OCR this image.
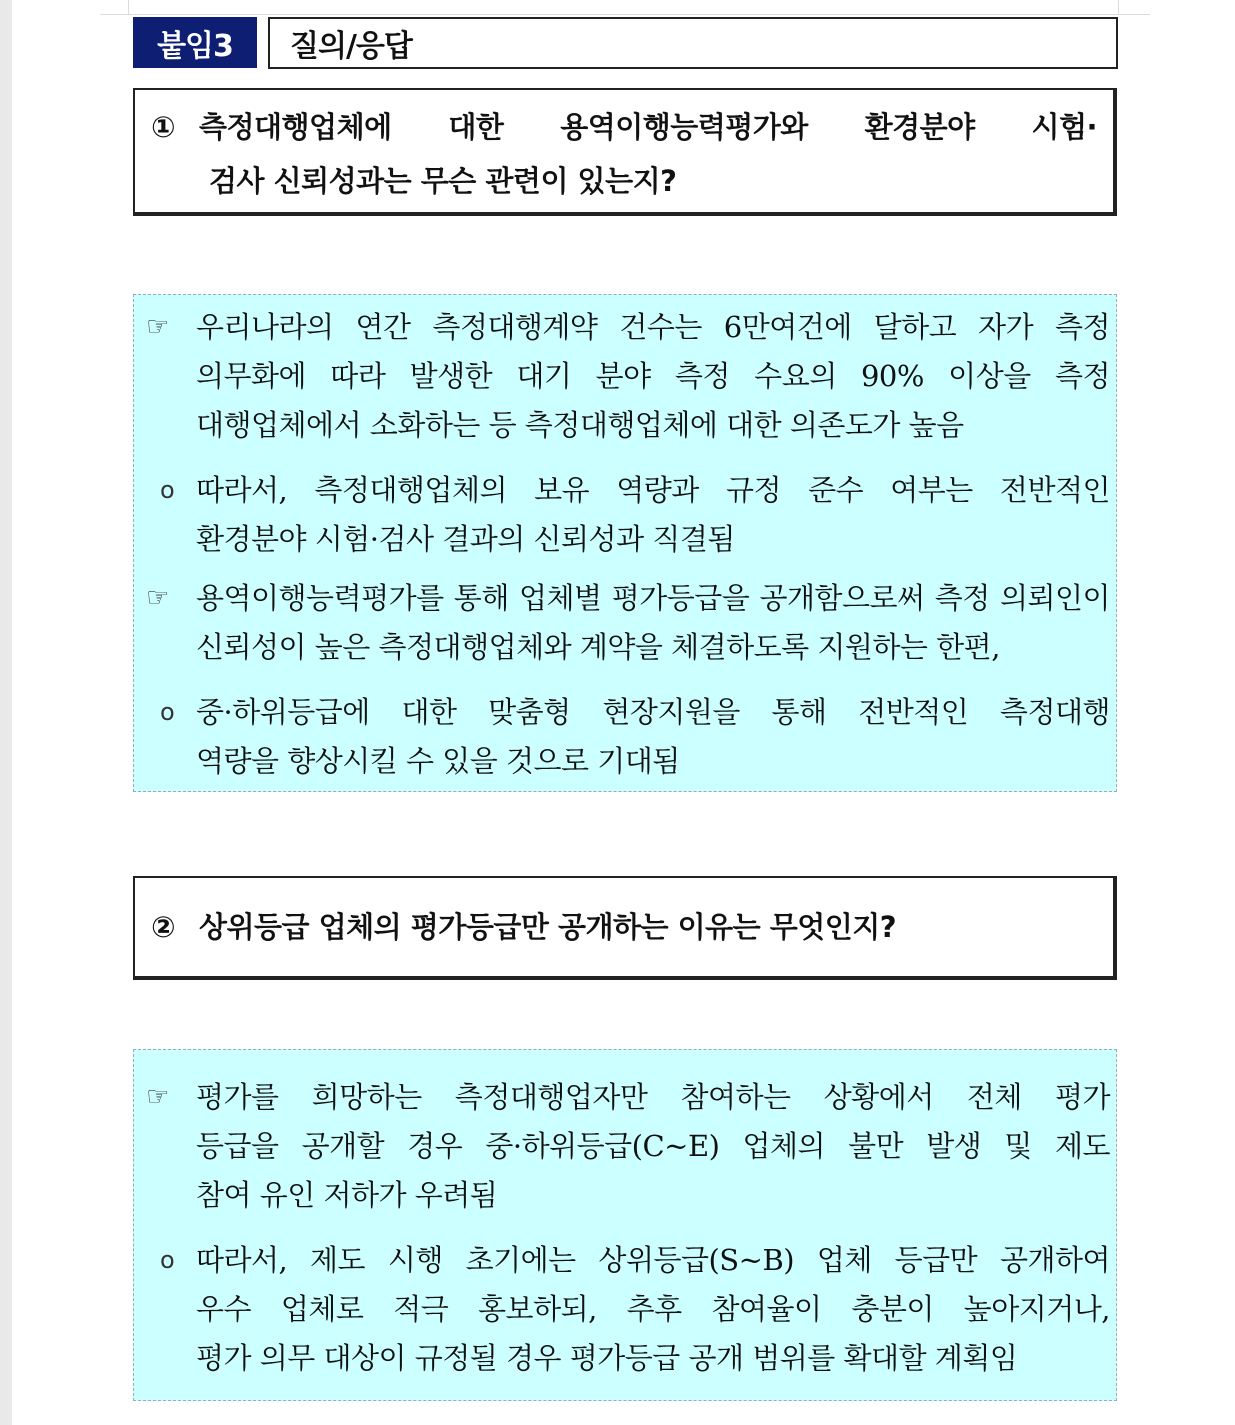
붙임3 질의/응답
① 측정대행업체에 대한 용역이행능력평가와 환경분야 시험·
검사 신뢰성과는 무슨 관련이 있는지?
☞ 우리나라의 연간 측정대행계약 건수는 6만여건에 달하고 자가 측정
의무화에 따라 발생한 대기 분야 측정 수요의 90% 이상을 측정
대행업체에서 소화하는 등 측정대행업체에 대한 의존도가 높음
o 따라서, 측정대행업체의 보유 역량과 규정 준수 여부는 전반적인
환경분야 시험·검사 결과의 신뢰성과 직결됨
☞ 용역이행능력평가를 통해 업체별 평가등급을 공개함으로써 측정 의뢰인이
신뢰성이 높은 측정대행업체와 계약을 체결하도록 지원하는 한편,
o 중·하위등급에 대한 맞춤형 현장지원을 통해 전반적인 측정대행
역량을 향상시킬 수 있을 것으로 기대됨
② 상위등급 업체의 평가등급만 공개하는 이유는 무엇인지?
☞ 평가를 희망하는 측정대행업자만 참여하는 상황에서 전체 평가
등급을 공개할 경우 중·하위등급(C~E) 업체의 불만 발생 및 제도
참여 유인 저하가 우려됨
o 따라서, 제도 시행 초기에는 상위등급(S~B) 업체 등급만 공개하여
우수 업체로 적극 홍보하되, 추후 참여율이 충분이 높아지거나,
평가 의무 대상이 규정될 경우 평가등급 공개 범위를 확대할 계획임
